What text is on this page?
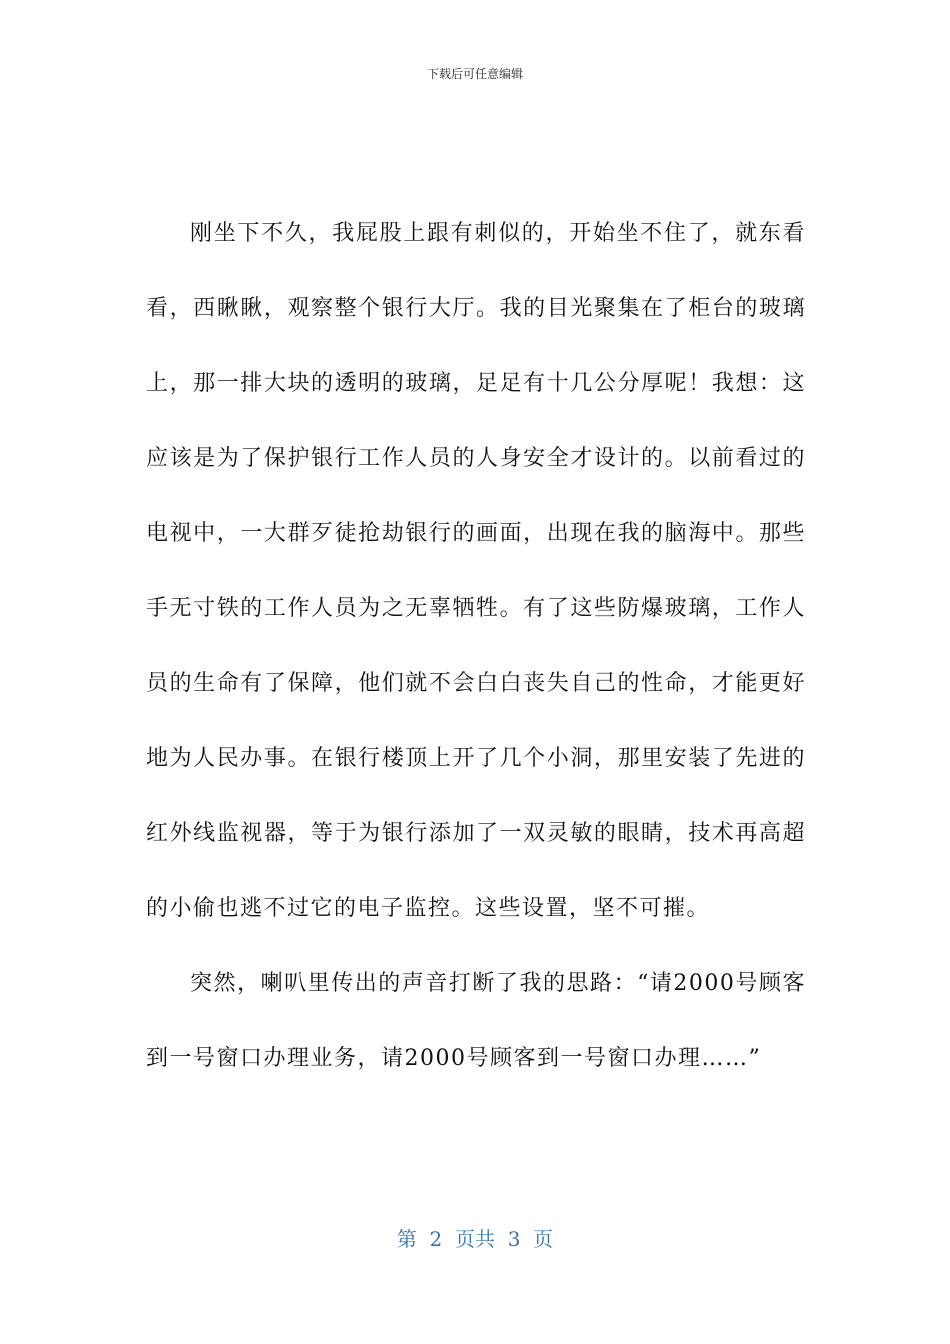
下载后可任意编辑

刚坐下不久，我屁股上跟有刺似的，开始坐不住了，就东看看，西瞅瞅，观察整个银行大厅。我的目光聚集在了柜台的玻璃上，那一排大块的透明的玻璃，足足有十几公分厚呢！我想：这应该是为了保护银行工作人员的人身安全才设计的。以前看过的电视中，一大群歹徒抢劫银行的画面，出现在我的脑海中。那些手无寸铁的工作人员为之无辜牺牲。有了这些防爆玻璃，工作人员的生命有了保障，他们就不会白白丧失自己的性命，才能更好地为人民办事。在银行楼顶上开了几个小洞，那里安装了先进的红外线监视器，等于为银行添加了一双灵敏的眼睛，技术再高超的小偷也逃不过它的电子监控。这些设置，坚不可摧。

突然，喇叭里传出的声音打断了我的思路：“请2000号顾客到一号窗口办理业务，请2000号顾客到一号窗口办理……”

第  2  页共  3  页
